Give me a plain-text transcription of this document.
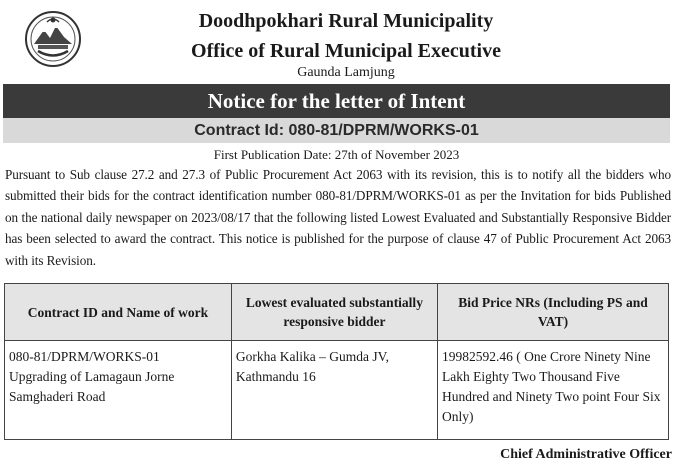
Doodhpokhari Rural Municipality
Office of Rural Municipal Executive
Gaunda Lamjung
Notice for the letter of Intent
Contract Id: 080-81/DPRM/WORKS-01
First Publication Date: 27th of November 2023
Pursuant to Sub clause 27.2 and 27.3 of Public Procurement Act 2063 with its revision, this is to notify all the bidders who submitted their bids for the contract identification number 080-81/DPRM/WORKS-01 as per the Invitation for bids Published on the national daily newspaper on 2023/08/17 that the following listed Lowest Evaluated and Substantially Responsive Bidder has been selected to award the contract. This notice is published for the purpose of clause 47 of Public Procurement Act 2063 with its Revision.
Contract ID and Name of work	Lowest evaluated substantially responsive bidder	Bid Price NRs (Including PS and VAT)

080-81/DPRM/WORKS-01
Upgrading of Lamagaun Jorne Samghaderi Road	Gorkha Kalika – Gumda JV, Kathmandu 16	19982592.46 ( One Crore Ninety Nine Lakh Eighty Two Thousand Five Hundred and Ninety Two point Four Six Only)
Chief Administrative Officer
